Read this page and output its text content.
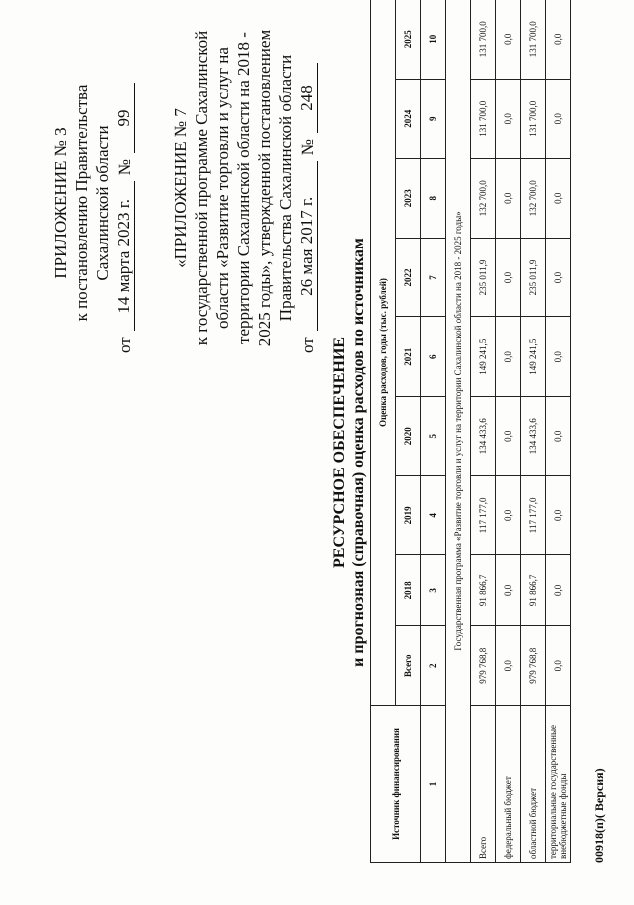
ПРИЛОЖЕНИЕ № 3 к постановлению Правительства Сахалинской области
от
14 марта 2023 г.
№
99 «ПРИЛОЖЕНИЕ № 7 к государственной программе Сахалинской области «Развитие торговли и услуг на территории Сахалинской области на 2018 - 2025 годы», утвержденной постановлением Правительства Сахалинской области
от
26 мая 2017 г.
№
248
РЕСУРСНОЕ ОБЕСПЕЧЕНИЕ и прогнозная (справочная) оценка расходов по источникам
Источник финансирования	Оценка расходов, годы (тыс. рублей)								
	Всего	2018	2019	2020	2021	2022	2023	2024	2025
1	2	3	4	5	6	7	8	9	10
Государственная программа «Развитие торговли и услуг на территории Сахалинской области на 2018 - 2025 годы»									
Всего	979 768,8	91 866,7	117 177,0	134 433,6	149 241,5	235 011,9	132 700,0	131 700,0	131 700,0
федеральный бюджет	0,0	0,0	0,0	0,0	0,0	0,0	0,0	0,0	0,0
областной бюджет	979 768,8	91 866,7	117 177,0	134 433,6	149 241,5	235 011,9	132 700,0	131 700,0	131 700,0
территориальные государственные внебюджетные фонды	0,0	0,0	0,0	0,0	0,0	0,0	0,0	0,0	0,0
00918(п)( Версия)
